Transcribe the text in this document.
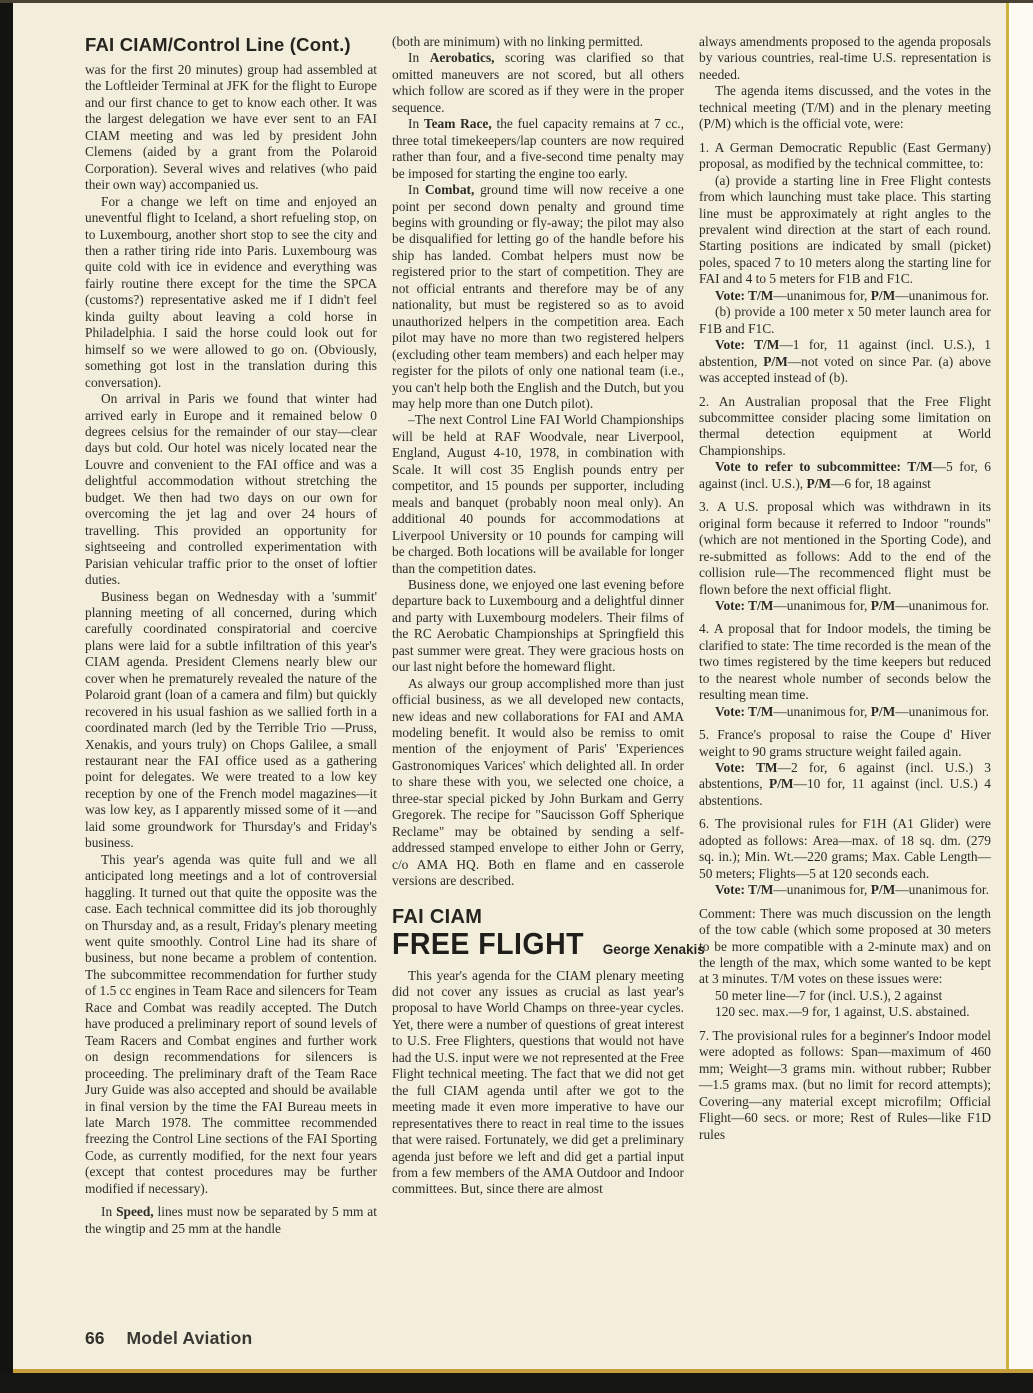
FAI CIAM/Control Line (Cont.)

was for the first 20 minutes) group had assembled at the Loftleider Terminal at JFK for the flight to Europe and our first chance to get to know each other. It was the largest delegation we have ever sent to an FAI CIAM meeting and was led by president John Clemens (aided by a grant from the Polaroid Corporation). Several wives and relatives (who paid their own way) accompanied us.

For a change we left on time and enjoyed an uneventful flight to Iceland, a short refueling stop, on to Luxembourg, another short stop to see the city and then a rather tiring ride into Paris. Luxembourg was quite cold with ice in evidence and everything was fairly routine there except for the time the SPCA (customs?) representative asked me if I didn't feel kinda guilty about leaving a cold horse in Philadelphia. I said the horse could look out for himself so we were allowed to go on. (Obviously, something got lost in the translation during this conversation).

On arrival in Paris we found that winter had arrived early in Europe and it remained below 0 degrees celsius for the remainder of our stay—clear days but cold. Our hotel was nicely located near the Louvre and convenient to the FAI office and was a delightful accommodation without stretching the budget. We then had two days on our own for overcoming the jet lag and over 24 hours of travelling. This provided an opportunity for sightseeing and controlled experimentation with Parisian vehicular traffic prior to the onset of loftier duties.

Business began on Wednesday with a 'summit' planning meeting of all concerned, during which carefully coordinated conspiratorial and coercive plans were laid for a subtle infiltration of this year's CIAM agenda. President Clemens nearly blew our cover when he prematurely revealed the nature of the Polaroid grant (loan of a camera and film) but quickly recovered in his usual fashion as we sallied forth in a coordinated march (led by the Terrible Trio —Pruss, Xenakis, and yours truly) on Chops Galilee, a small restaurant near the FAI office used as a gathering point for delegates. We were treated to a low key reception by one of the French model magazines—it was low key, as I apparently missed some of it —and laid some groundwork for Thursday's and Friday's business.

This year's agenda was quite full and we all anticipated long meetings and a lot of controversial haggling. It turned out that quite the opposite was the case. Each technical committee did its job thoroughly on Thursday and, as a result, Friday's plenary meeting went quite smoothly. Control Line had its share of business, but none became a problem of contention. The subcommittee recommendation for further study of 1.5 cc engines in Team Race and silencers for Team Race and Combat was readily accepted. The Dutch have produced a preliminary report of sound levels of Team Racers and Combat engines and further work on design recommendations for silencers is proceeding. The preliminary draft of the Team Race Jury Guide was also accepted and should be available in final version by the time the FAI Bureau meets in late March 1978. The committee recommended freezing the Control Line sections of the FAI Sporting Code, as currently modified, for the next four years (except that contest procedures may be further modified if necessary).

In Speed, lines must now be separated by 5 mm at the wingtip and 25 mm at the handle

(both are minimum) with no linking permitted.

In Aerobatics, scoring was clarified so that omitted maneuvers are not scored, but all others which follow are scored as if they were in the proper sequence.

In Team Race, the fuel capacity remains at 7 cc., three total timekeepers/lap counters are now required rather than four, and a five-second time penalty may be imposed for starting the engine too early.

In Combat, ground time will now receive a one point per second down penalty and ground time begins with grounding or fly-away; the pilot may also be disqualified for letting go of the handle before his ship has landed. Combat helpers must now be registered prior to the start of competition. They are not official entrants and therefore may be of any nationality, but must be registered so as to avoid unauthorized helpers in the competition area. Each pilot may have no more than two registered helpers (excluding other team members) and each helper may register for the pilots of only one national team (i.e., you can't help both the English and the Dutch, but you may help more than one Dutch pilot).

–The next Control Line FAI World Championships will be held at RAF Woodvale, near Liverpool, England, August 4-10, 1978, in combination with Scale. It will cost 35 English pounds entry per competitor, and 15 pounds per supporter, including meals and banquet (probably noon meal only). An additional 40 pounds for accommodations at Liverpool University or 10 pounds for camping will be charged. Both locations will be available for longer than the competition dates.

Business done, we enjoyed one last evening before departure back to Luxembourg and a delightful dinner and party with Luxembourg modelers. Their films of the RC Aerobatic Championships at Springfield this past summer were great. They were gracious hosts on our last night before the homeward flight.

As always our group accomplished more than just official business, as we all developed new contacts, new ideas and new collaborations for FAI and AMA modeling benefit. It would also be remiss to omit mention of the enjoyment of Paris' 'Experiences Gastronomiques Varices' which delighted all. In order to share these with you, we selected one choice, a three-star special picked by John Burkam and Gerry Gregorek. The recipe for "Saucisson Goff Spherique Reclame" may be obtained by sending a self-addressed stamped envelope to either John or Gerry, c/o AMA HQ. Both en flame and en casserole versions are described.

FAI CIAM
FREE FLIGHT George Xenakis

This year's agenda for the CIAM plenary meeting did not cover any issues as crucial as last year's proposal to have World Champs on three-year cycles. Yet, there were a number of questions of great interest to U.S. Free Flighters, questions that would not have had the U.S. input were we not represented at the Free Flight technical meeting. The fact that we did not get the full CIAM agenda until after we got to the meeting made it even more imperative to have our representatives there to react in real time to the issues that were raised. Fortunately, we did get a preliminary agenda just before we left and did get a partial input from a few members of the AMA Outdoor and Indoor committees. But, since there are almost

always amendments proposed to the agenda proposals by various countries, real-time U.S. representation is needed.

The agenda items discussed, and the votes in the technical meeting (T/M) and in the plenary meeting (P/M) which is the official vote, were:

1. A German Democratic Republic (East Germany) proposal, as modified by the technical committee, to:

(a) provide a starting line in Free Flight contests from which launching must take place. This starting line must be approximately at right angles to the prevalent wind direction at the start of each round. Starting positions are indicated by small (picket) poles, spaced 7 to 10 meters along the starting line for FAI and 4 to 5 meters for F1B and F1C.

Vote: T/M—unanimous for, P/M—unanimous for.

(b) provide a 100 meter x 50 meter launch area for F1B and F1C.

Vote: T/M—1 for, 11 against (incl. U.S.), 1 abstention, P/M—not voted on since Par. (a) above was accepted instead of (b).

2. An Australian proposal that the Free Flight subcommittee consider placing some limitation on thermal detection equipment at World Championships.

Vote to refer to subcommittee: T/M—5 for, 6 against (incl. U.S.), P/M—6 for, 18 against

3. A U.S. proposal which was withdrawn in its original form because it referred to Indoor "rounds" (which are not mentioned in the Sporting Code), and re-submitted as follows: Add to the end of the collision rule—The recommenced flight must be flown before the next official flight.

Vote: T/M—unanimous for, P/M—unanimous for.

4. A proposal that for Indoor models, the timing be clarified to state: The time recorded is the mean of the two times registered by the time keepers but reduced to the nearest whole number of seconds below the resulting mean time.

Vote: T/M—unanimous for, P/M—unanimous for.

5. France's proposal to raise the Coupe d' Hiver weight to 90 grams structure weight failed again.

Vote: TM—2 for, 6 against (incl. U.S.) 3 abstentions, P/M—10 for, 11 against (incl. U.S.) 4 abstentions.

6. The provisional rules for F1H (A1 Glider) were adopted as follows: Area—max. of 18 sq. dm. (279 sq. in.); Min. Wt.—220 grams; Max. Cable Length—50 meters; Flights—5 at 120 seconds each.

Vote: T/M—unanimous for, P/M—unanimous for.

Comment: There was much discussion on the length of the tow cable (which some proposed at 30 meters to be more compatible with a 2-minute max) and on the length of the max, which some wanted to be kept at 3 minutes. T/M votes on these issues were:

50 meter line—7 for (incl. U.S.), 2 against

120 sec. max.—9 for, 1 against, U.S. abstained.

7. The provisional rules for a beginner's Indoor model were adopted as follows: Span—maximum of 460 mm; Weight—3 grams min. without rubber; Rubber—1.5 grams max. (but no limit for record attempts); Covering—any material except microfilm; Official Flight—60 secs. or more; Rest of Rules—like F1D rules

66 Model Aviation
